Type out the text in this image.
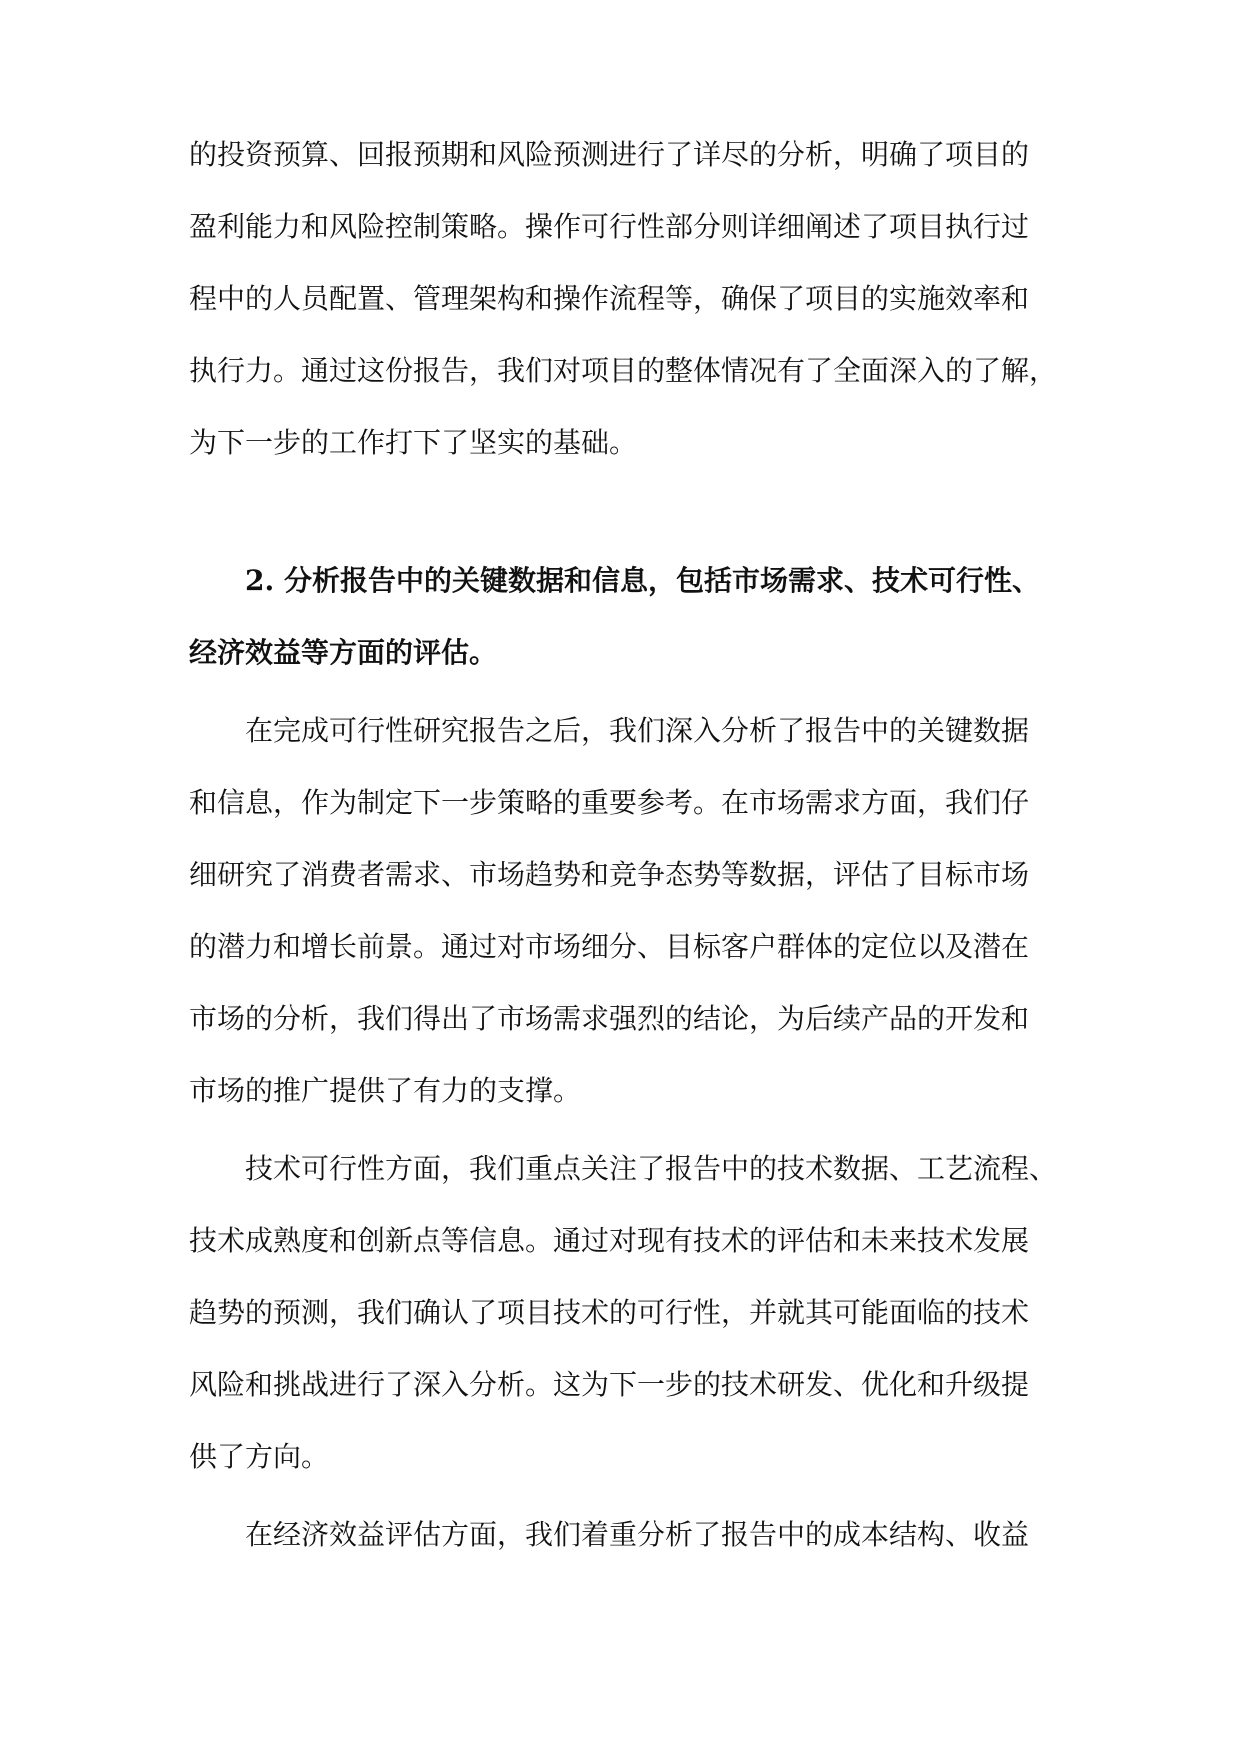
的投资预算、回报预期和风险预测进行了详尽的分析，明确了项目的
盈利能力和风险控制策略。操作可行性部分则详细阐述了项目执行过
程中的人员配置、管理架构和操作流程等，确保了项目的实施效率和
执行力。通过这份报告，我们对项目的整体情况有了全面深入的了解，
为下一步的工作打下了坚实的基础。
2. 分析报告中的关键数据和信息，包括市场需求、技术可行性、
经济效益等方面的评估。
在完成可行性研究报告之后，我们深入分析了报告中的关键数据
和信息，作为制定下一步策略的重要参考。在市场需求方面，我们仔
细研究了消费者需求、市场趋势和竞争态势等数据，评估了目标市场
的潜力和增长前景。通过对市场细分、目标客户群体的定位以及潜在
市场的分析，我们得出了市场需求强烈的结论，为后续产品的开发和
市场的推广提供了有力的支撑。
技术可行性方面，我们重点关注了报告中的技术数据、工艺流程、
技术成熟度和创新点等信息。通过对现有技术的评估和未来技术发展
趋势的预测，我们确认了项目技术的可行性，并就其可能面临的技术
风险和挑战进行了深入分析。这为下一步的技术研发、优化和升级提
供了方向。
在经济效益评估方面，我们着重分析了报告中的成本结构、收益
